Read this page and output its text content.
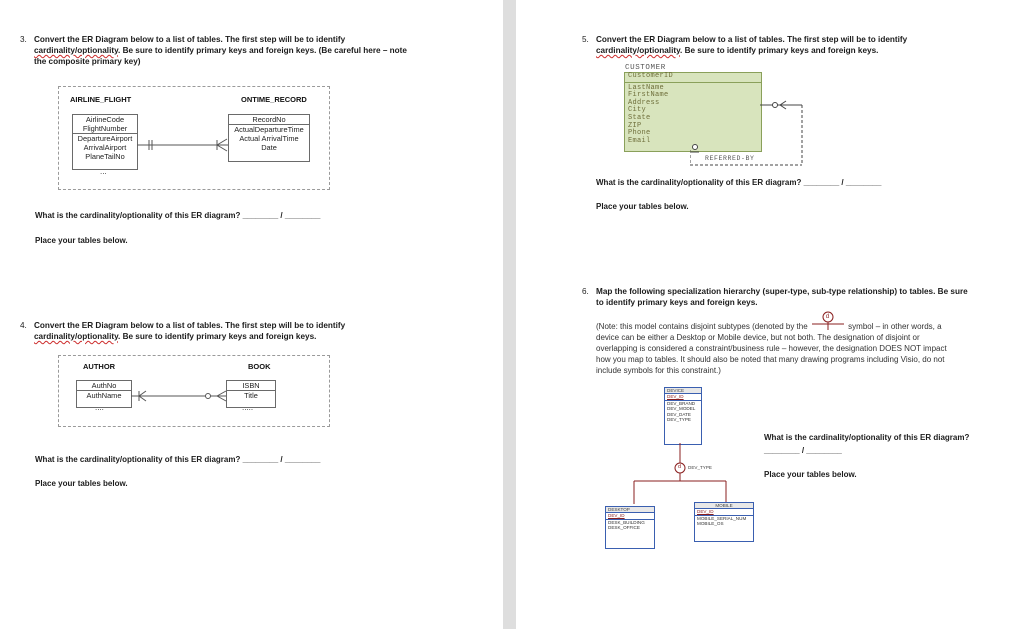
3. Convert the ER Diagram below to a list of tables. The first step will be to identify
cardinality/optionality. Be sure to identify primary keys and foreign keys. (Be careful here – note
the composite primary key)
AIRLINE_FLIGHT	ONTIME_RECORD
AirlineCode
FlightNumber
DepartureAirport
ArrivalAirport
PlaneTailNo
...
RecordNo
ActualDepartureTime
Actual ArrivalTime
Date
What is the cardinality/optionality of this ER diagram? ________ / ________
Place your tables below.
4. Convert the ER Diagram below to a list of tables. The first step will be to identify
cardinality/optionality. Be sure to identify primary keys and foreign keys.
AUTHOR	BOOK
AuthNo
AuthName
....
ISBN
Title
.....
What is the cardinality/optionality of this ER diagram? ________ / ________
Place your tables below.
5. Convert the ER Diagram below to a list of tables. The first step will be to identify
cardinality/optionality. Be sure to identify primary keys and foreign keys.
CUSTOMER
CustomerID
LastName
FirstName
Address
City
State
ZIP
Phone
Email
REFERRED-BY
What is the cardinality/optionality of this ER diagram? ________ / ________
Place your tables below.
6. Map the following specialization hierarchy (super-type, sub-type relationship) to tables. Be sure
to identify primary keys and foreign keys.
(Note: this model contains disjoint subtypes (denoted by the
d
symbol – in other words, a
device can be either a Desktop or Mobile device, but not both. The designation of disjoint or
overlapping is considered a constraint/business rule – however, the designation DOES NOT impact
how you map to tables. It should also be noted that many drawing programs including Visio, do not
include symbols for this constraint.)
DEVICE
DEV_ID
DEV_BRAND
DEV_MODEL
DEV_DATE
DEV_TYPE
d DEV_TYPE
DESKTOP
DEV_ID
DESK_BUILDING
DESK_OFFICE
MOBILE
DEV_ID
MOBILE_SERIAL_NUM
MOBILE_OS
What is the cardinality/optionality of this ER diagram?
________ / ________
Place your tables below.
